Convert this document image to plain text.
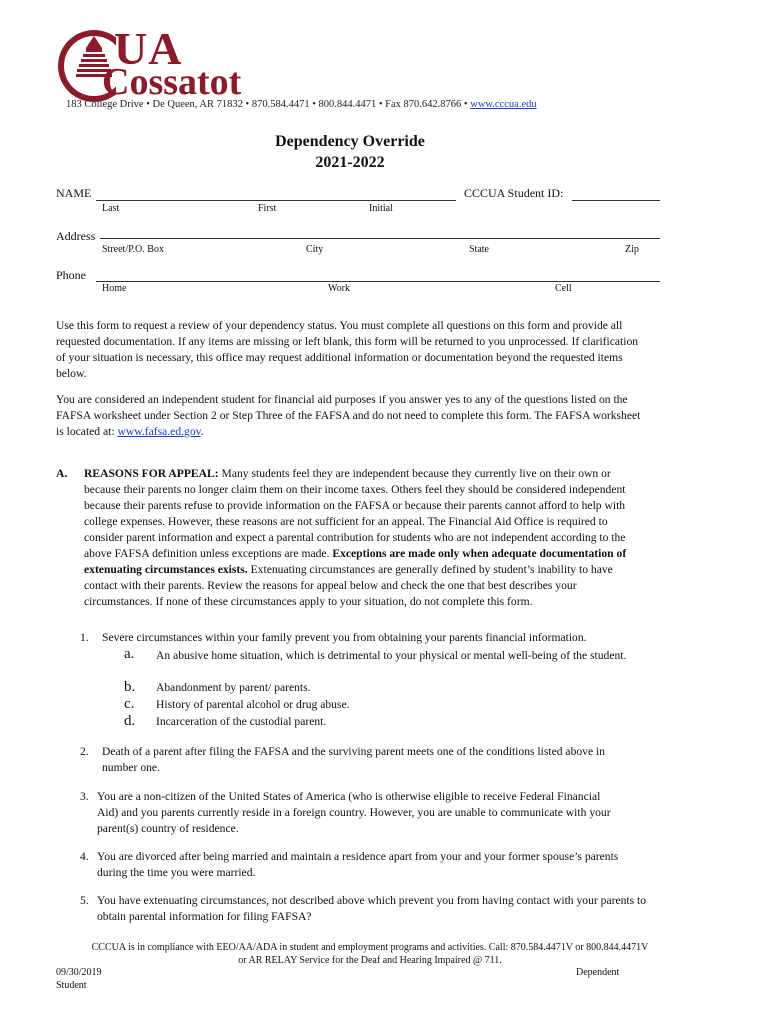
UA
Cossatot
183 College Drive • De Queen, AR 71832 • 870.584.4471 • 800.844.4471 • Fax 870.642.8766 • www.cccua.edu
Dependency Override
2021-2022
NAME	CCCUA Student ID:
Last	First	Initial
Address
Street/P.O. Box	City	State	Zip
Phone
Home	Work	Cell

Use this form to request a review of your dependency status. You must complete all questions on this form and provide all requested documentation. If any items are missing or left blank, this form will be returned to you unprocessed. If clarification of your situation is necessary, this office may request additional information or documentation beyond the requested items below.

You are considered an independent student for financial aid purposes if you answer yes to any of the questions listed on the FAFSA worksheet under Section 2 or Step Three of the FAFSA and do not need to complete this form. The FAFSA worksheet is located at: www.fafsa.ed.gov.

A. REASONS FOR APPEAL: Many students feel they are independent because they currently live on their own or because their parents no longer claim them on their income taxes. Others feel they should be considered independent because their parents refuse to provide information on the FAFSA or because their parents cannot afford to help with college expenses. However, these reasons are not sufficient for an appeal. The Financial Aid Office is required to consider parent information and expect a parental contribution for students who are not independent according to the above FAFSA definition unless exceptions are made. Exceptions are made only when adequate documentation of extenuating circumstances exists. Extenuating circumstances are generally defined by student’s inability to have contact with their parents. Review the reasons for appeal below and check the one that best describes your circumstances. If none of these circumstances apply to your situation, do not complete this form.
1. Severe circumstances within your family prevent you from obtaining your parents financial information.
a. An abusive home situation, which is detrimental to your physical or mental well-being of the student.
b. Abandonment by parent/ parents.
c. History of parental alcohol or drug abuse.
d. Incarceration of the custodial parent.
2. Death of a parent after filing the FAFSA and the surviving parent meets one of the conditions listed above in number one.
3. You are a non-citizen of the United States of America (who is otherwise eligible to receive Federal Financial Aid) and you parents currently reside in a foreign country. However, you are unable to communicate with your parent(s) country of residence.
4. You are divorced after being married and maintain a residence apart from your and your former spouse’s parents during the time you were married.
5. You have extenuating circumstances, not described above which prevent you from having contact with your parents to obtain parental information for filing FAFSA?
CCCUA is in compliance with EEO/AA/ADA in student and employment programs and activities. Call: 870.584.4471V or 800.844.4471V
or AR RELAY Service for the Deaf and Hearing Impaired @ 711.
09/30/2019
Student
Dependent
